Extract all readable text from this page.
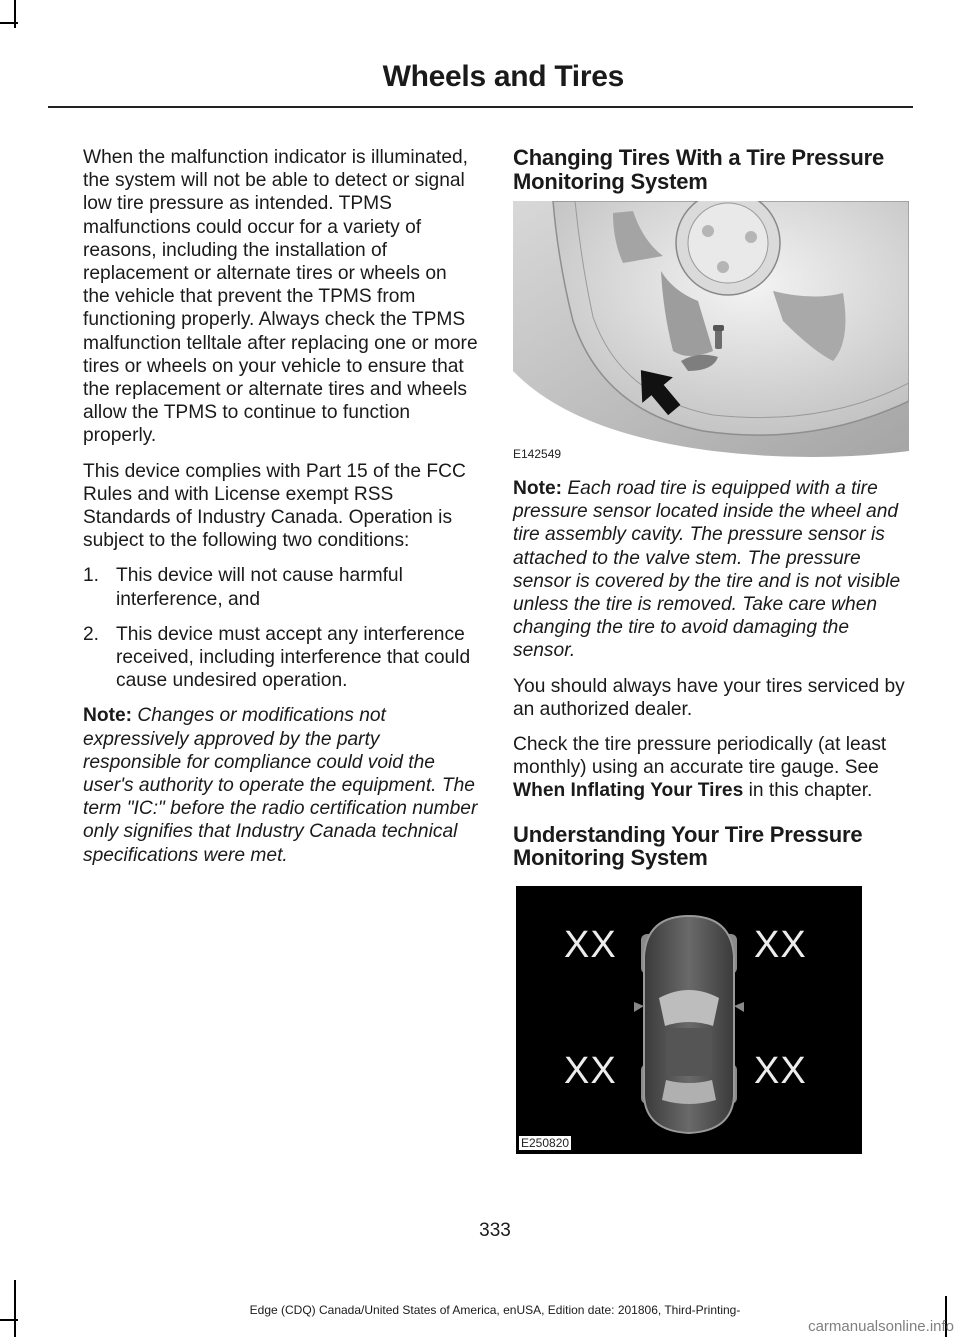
Wheels and Tires

When the malfunction indicator is illuminated, the system will not be able to detect or signal low tire pressure as intended. TPMS malfunctions could occur for a variety of reasons, including the installation of replacement or alternate tires or wheels on the vehicle that prevent the TPMS from functioning properly. Always check the TPMS malfunction telltale after replacing one or more tires or wheels on your vehicle to ensure that the replacement or alternate tires and wheels allow the TPMS to continue to function properly.

This device complies with Part 15 of the FCC Rules and with License exempt RSS Standards of Industry Canada. Operation is subject to the following two conditions:

1. This device will not cause harmful interference, and
2. This device must accept any interference received, including interference that could cause undesired operation.

Note: Changes or modifications not expressively approved by the party responsible for compliance could void the user's authority to operate the equipment. The term "IC:" before the radio certification number only signifies that Industry Canada technical specifications were met.

Changing Tires With a Tire Pressure Monitoring System
E142549

Note: Each road tire is equipped with a tire pressure sensor located inside the wheel and tire assembly cavity. The pressure sensor is attached to the valve stem. The pressure sensor is covered by the tire and is not visible unless the tire is removed. Take care when changing the tire to avoid damaging the sensor.

You should always have your tires serviced by an authorized dealer.

Check the tire pressure periodically (at least monthly) using an accurate tire gauge. See When Inflating Your Tires in this chapter.

Understanding Your Tire Pressure Monitoring System
XX	XX
XX	XX
E250820
333
Edge (CDQ) Canada/United States of America, enUSA, Edition date: 201806, Third-Printing-
carmanualsonline.info
